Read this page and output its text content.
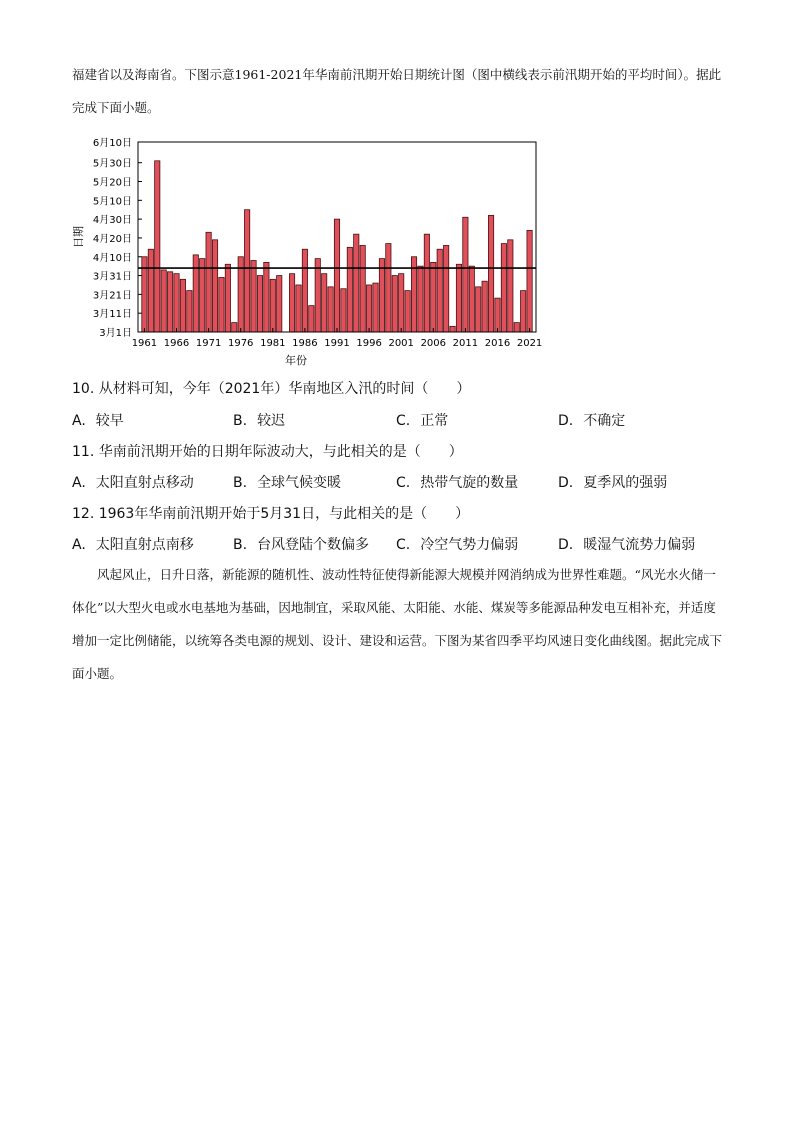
福建省以及海南省。下图示意1961-2021年华南前汛期开始日期统计图（图中横线表示前汛期开始的平均时间）。据此完成下面小题。
3月1日
3月11日
3月21日
3月31日
4月10日
4月20日
4月30日
5月10日
5月20日
5月30日
6月10日
1961 1966 1971 1976 1981 1986 1991 1996 2001 2006 2011 2016 2021
日期
年份
10. 从材料可知，今年（2021年）华南地区入汛的时间（　　）
A. 较早	B. 较迟	C. 正常	D. 不确定
11. 华南前汛期开始的日期年际波动大，与此相关的是（　　）
A. 太阳直射点移动	B. 全球气候变暖	C. 热带气旋的数量	D. 夏季风的强弱
12. 1963年华南前汛期开始于5月31日，与此相关的是（　　）
A. 太阳直射点南移	B. 台风登陆个数偏多 C. 冷空气势力偏弱	D. 暖湿气流势力偏弱
风起风止，日升日落，新能源的随机性、波动性特征使得新能源大规模并网消纳成为世界性难题。“风光水火储一体化”以大型火电或水电基地为基础，因地制宜，采取风能、太阳能、水能、煤炭等多能源品种发电互相补充，并适度增加一定比例储能，以统筹各类电源的规划、设计、建设和运营。下图为某省四季平均风速日变化曲线图。据此完成下面小题。
